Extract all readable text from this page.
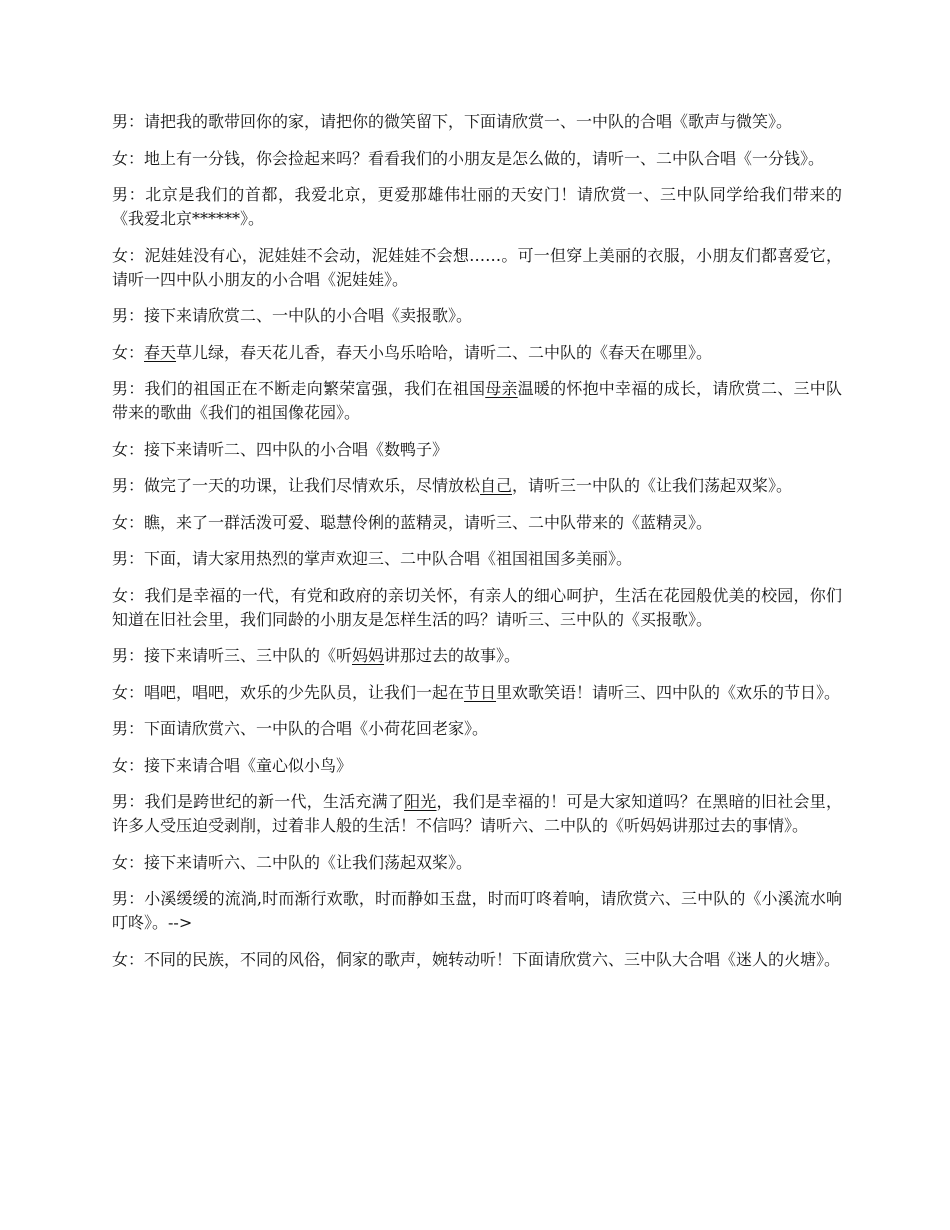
男：请把我的歌带回你的家，请把你的微笑留下，下面请欣赏一、一中队的合唱《歌声与微笑》。

女：地上有一分钱，你会捡起来吗？看看我们的小朋友是怎么做的，请听一、二中队合唱《一分钱》。

男：北京是我们的首都，我爱北京，更爱那雄伟壮丽的天安门！请欣赏一、三中队同学给我们带来的《我爱北京******》。

女：泥娃娃没有心，泥娃娃不会动，泥娃娃不会想……。可一但穿上美丽的衣服，小朋友们都喜爱它，请听一四中队小朋友的小合唱《泥娃娃》。

男：接下来请欣赏二、一中队的小合唱《卖报歌》。

女：春天草儿绿，春天花儿香，春天小鸟乐哈哈，请听二、二中队的《春天在哪里》。

男：我们的祖国正在不断走向繁荣富强，我们在祖国母亲温暖的怀抱中幸福的成长，请欣赏二、三中队带来的歌曲《我们的祖国像花园》。

女：接下来请听二、四中队的小合唱《数鸭子》

男：做完了一天的功课，让我们尽情欢乐，尽情放松自己，请听三一中队的《让我们荡起双桨》。

女：瞧，来了一群活泼可爱、聪慧伶俐的蓝精灵，请听三、二中队带来的《蓝精灵》。

男：下面，请大家用热烈的掌声欢迎三、二中队合唱《祖国祖国多美丽》。

女：我们是幸福的一代，有党和政府的亲切关怀，有亲人的细心呵护，生活在花园般优美的校园，你们知道在旧社会里，我们同龄的小朋友是怎样生活的吗？请听三、三中队的《买报歌》。

男：接下来请听三、三中队的《听妈妈讲那过去的故事》。

女：唱吧，唱吧，欢乐的少先队员，让我们一起在节日里欢歌笑语！请听三、四中队的《欢乐的节日》。

男：下面请欣赏六、一中队的合唱《小荷花回老家》。

女：接下来请合唱《童心似小鸟》

男：我们是跨世纪的新一代，生活充满了阳光，我们是幸福的！可是大家知道吗？在黑暗的旧社会里，许多人受压迫受剥削，过着非人般的生活！不信吗？请听六、二中队的《听妈妈讲那过去的事情》。

女：接下来请听六、二中队的《让我们荡起双桨》。

男：小溪缓缓的流淌,时而渐行欢歌，时而静如玉盘，时而叮咚着响，请欣赏六、三中队的《小溪流水响叮咚》。-->

女：不同的民族，不同的风俗，侗家的歌声，婉转动听！下面请欣赏六、三中队大合唱《迷人的火塘》。
